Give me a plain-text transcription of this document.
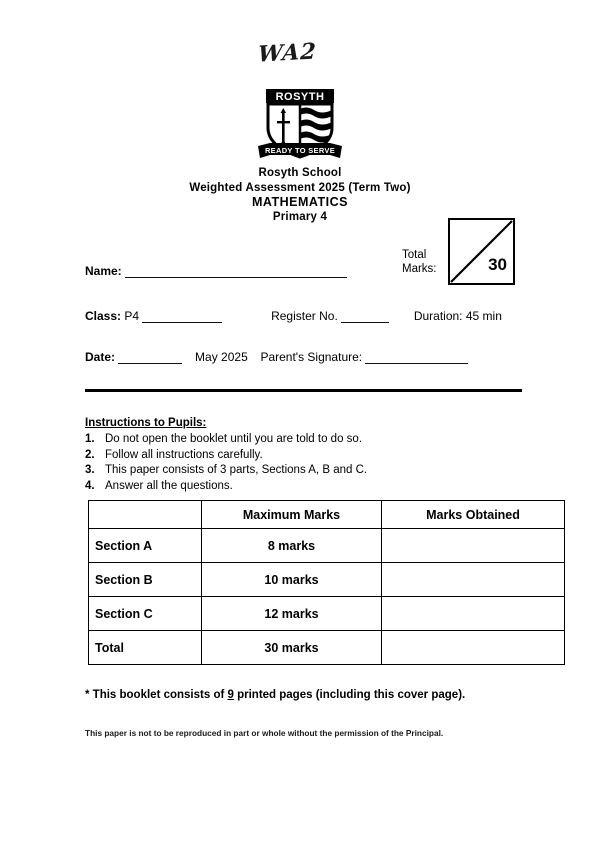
WA2
ROSYTH
READY TO SERVE
Rosyth School
Weighted Assessment 2025 (Term Two)
MATHEMATICS
Primary 4
Total
Marks:	30
Name:
Class: P4	Register No.	Duration: 45 min
Date:	May 2025 Parent's Signature:
Instructions to Pupils:
1. Do not open the booklet until you are told to do so.
2. Follow all instructions carefully.
3. This paper consists of 3 parts, Sections A, B and C.
4. Answer all the questions.
	Maximum Marks	Marks Obtained
Section A	8 marks	
Section B	10 marks	
Section C	12 marks	
Total	30 marks	
* This booklet consists of 9 printed pages (including this cover page).
This paper is not to be reproduced in part or whole without the permission of the Principal.
